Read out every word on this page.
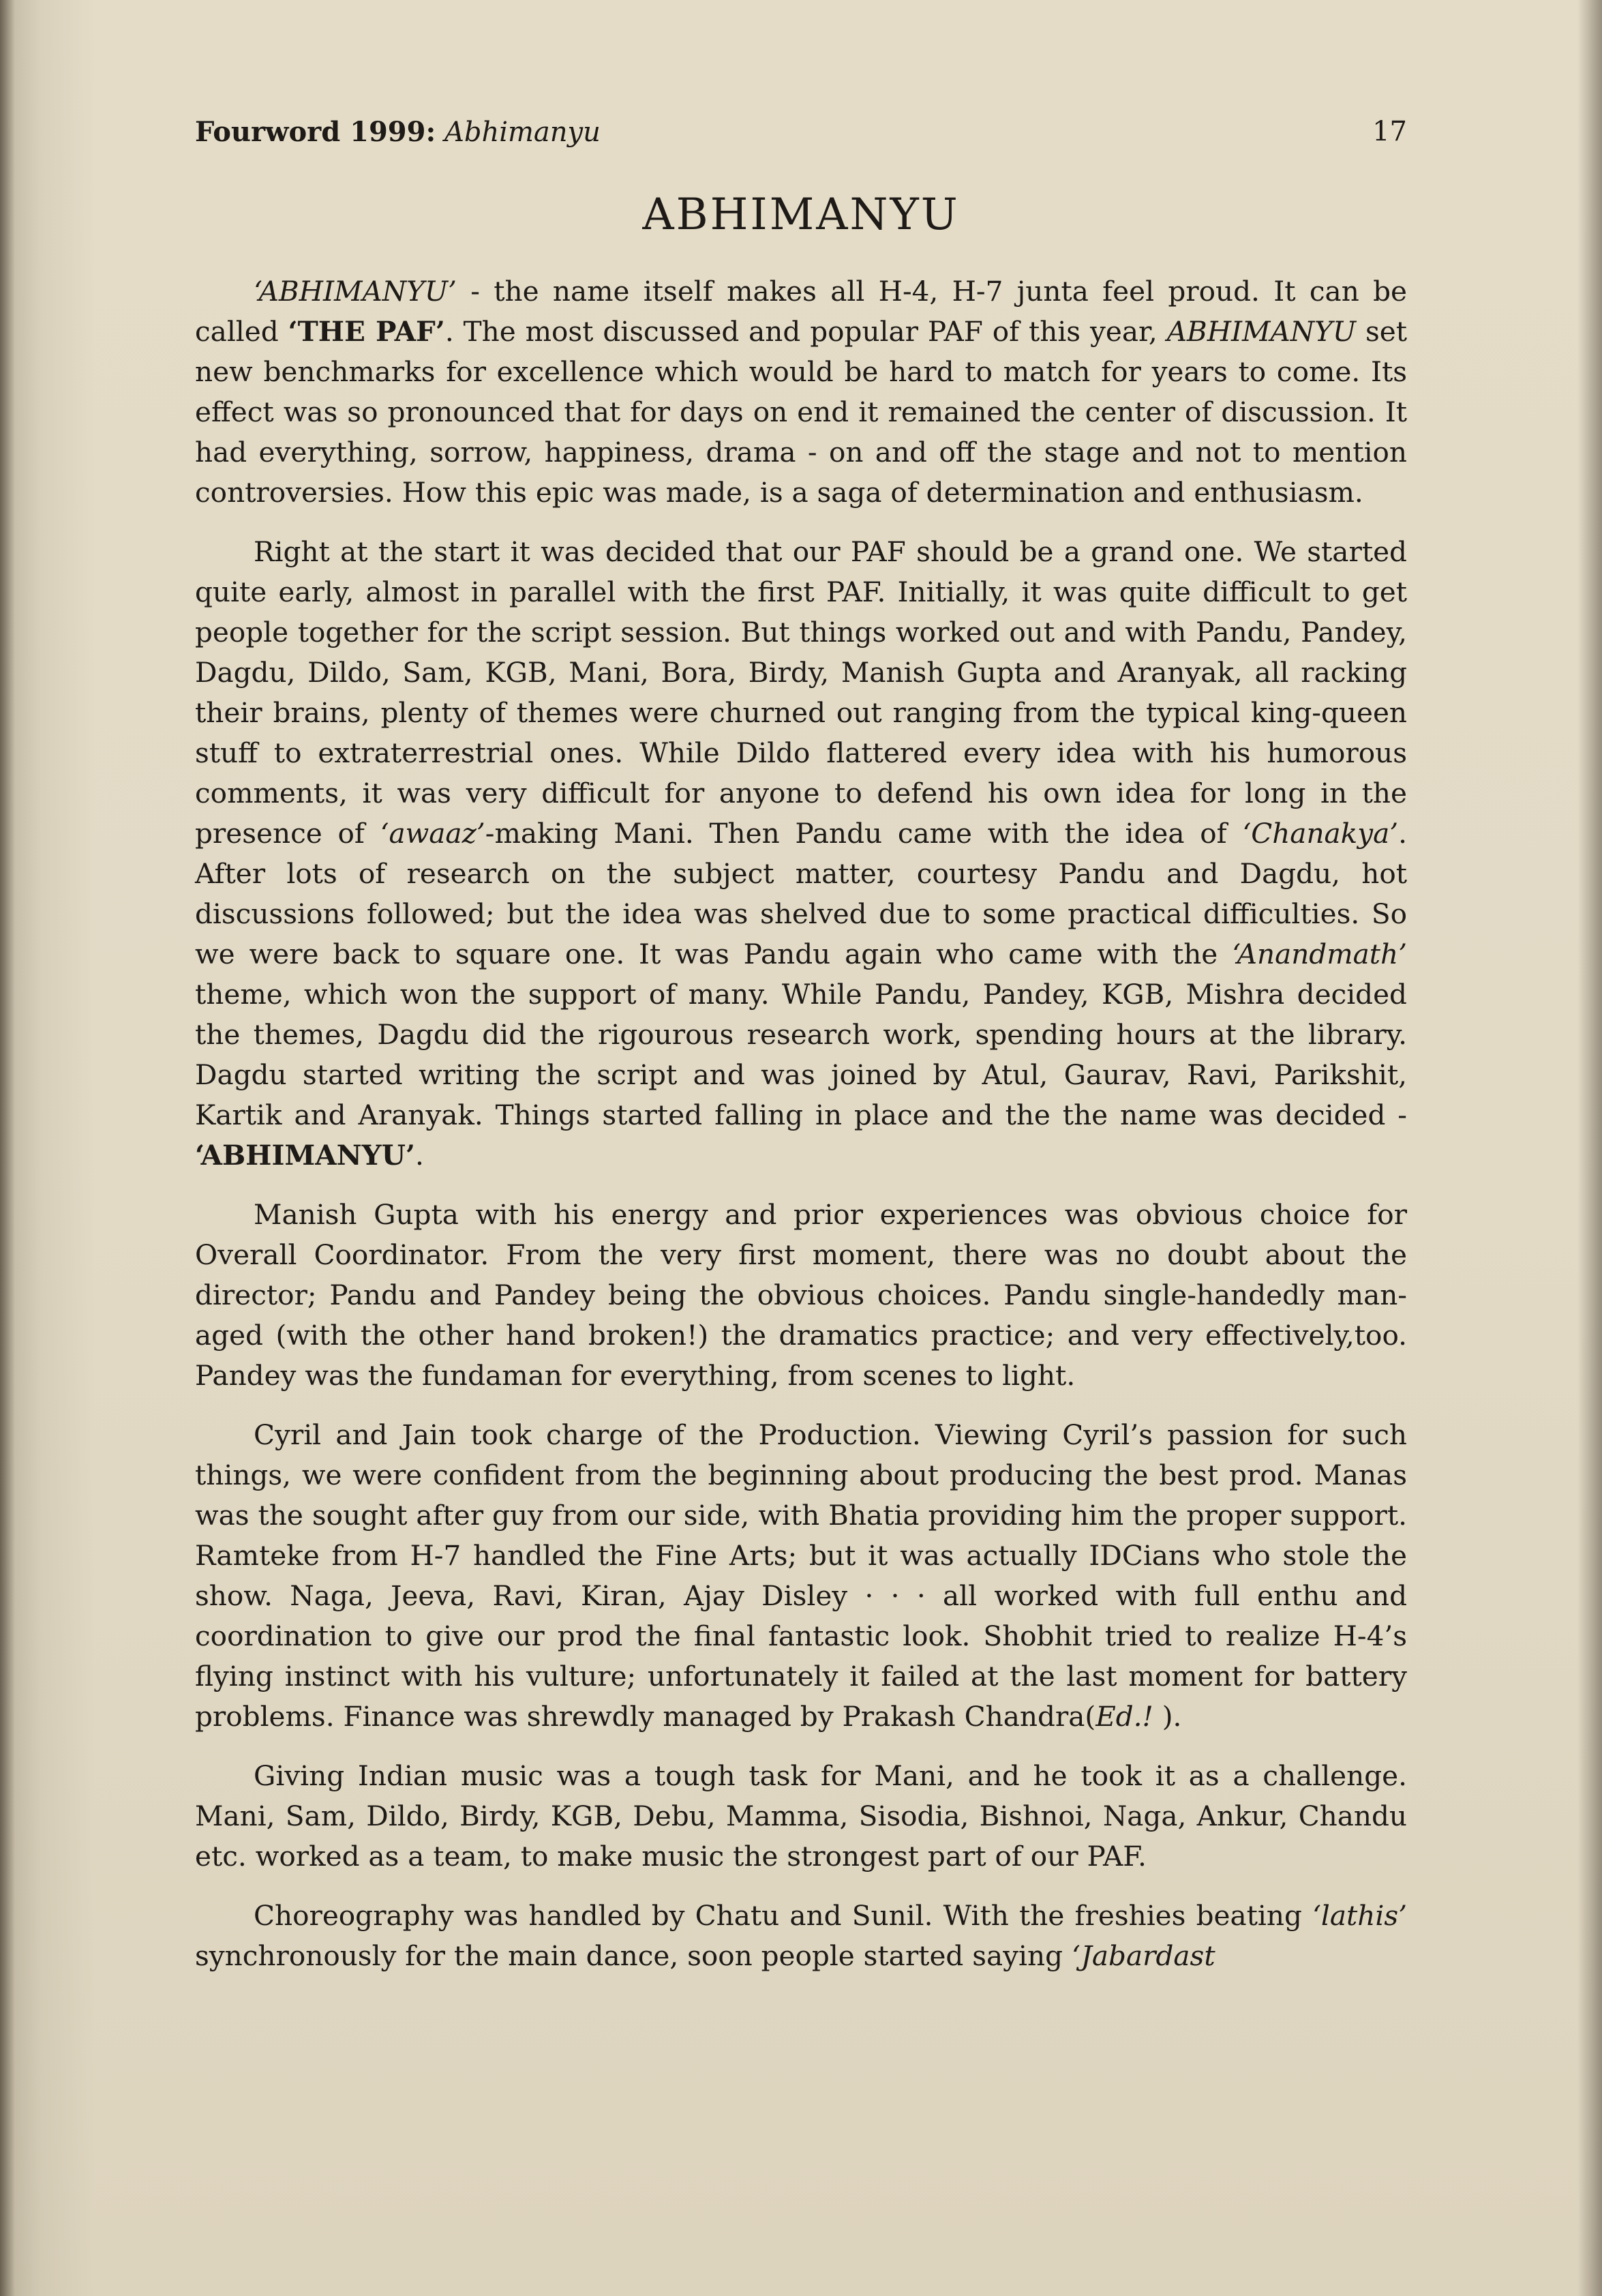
Fourword 1999: Abhimanyu	17
ABHIMANYU

‘ABHIMANYU’ - the name itself makes all H-4, H-7 junta feel proud. It can be called ‘THE PAF’. The most discussed and popular PAF of this year, ABHIMANYU set new benchmarks for excellence which would be hard to match for years to come. Its effect was so pronounced that for days on end it remained the center of discussion. It had everything, sorrow, happiness, drama - on and off the stage and not to mention controversies. How this epic was made, is a saga of determination and enthusiasm.

Right at the start it was decided that our PAF should be a grand one. We started quite early, almost in parallel with the first PAF. Initially, it was quite difficult to get people together for the script session. But things worked out and with Pandu, Pandey, Dagdu, Dildo, Sam, KGB, Mani, Bora, Birdy, Manish Gupta and Aranyak, all racking their brains, plenty of themes were churned out ranging from the typical king-queen stuff to extraterrestrial ones. While Dildo flattered every idea with his humorous comments, it was very difficult for anyone to defend his own idea for long in the presence of ‘awaaz’-making Mani. Then Pandu came with the idea of ‘Chanakya’. After lots of research on the subject matter, courtesy Pandu and Dagdu, hot discussions followed; but the idea was shelved due to some practical difficulties. So we were back to square one. It was Pandu again who came with the ‘Anandmath’ theme, which won the support of many. While Pandu, Pandey, KGB, Mishra decided the themes, Dagdu did the rigourous research work, spending hours at the library. Dagdu started writing the script and was joined by Atul, Gaurav, Ravi, Parikshit, Kartik and Aranyak. Things started falling in place and the the name was decided - ‘ABHIMANYU’.

Manish Gupta with his energy and prior experiences was obvious choice for Overall Coordinator. From the very first moment, there was no doubt about the director; Pandu and Pandey being the obvious choices. Pandu single-handedly man-aged (with the other hand broken!) the dramatics practice; and very effectively,too. Pandey was the fundaman for everything, from scenes to light.

Cyril and Jain took charge of the Production. Viewing Cyril’s passion for such things, we were confident from the beginning about producing the best prod. Manas was the sought after guy from our side, with Bhatia providing him the proper support. Ramteke from H-7 handled the Fine Arts; but it was actually IDCians who stole the show. Naga, Jeeva, Ravi, Kiran, Ajay Disley · · · all worked with full enthu and coordination to give our prod the final fantastic look. Shobhit tried to realize H-4’s flying instinct with his vulture; unfortunately it failed at the last moment for battery problems. Finance was shrewdly managed by Prakash Chandra(Ed.! ).

Giving Indian music was a tough task for Mani, and he took it as a challenge. Mani, Sam, Dildo, Birdy, KGB, Debu, Mamma, Sisodia, Bishnoi, Naga, Ankur, Chandu etc. worked as a team, to make music the strongest part of our PAF.

Choreography was handled by Chatu and Sunil. With the freshies beating ‘lathis’ synchronously for the main dance, soon people started saying ‘Jabardast
